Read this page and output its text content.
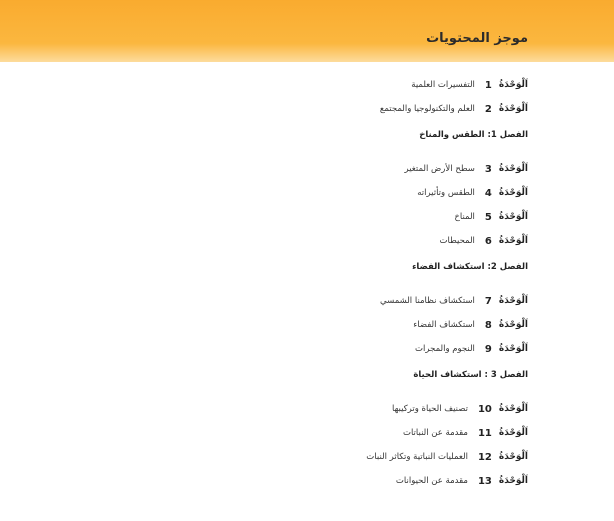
موجز المحتويات
اَلْوَحْدَةُ
1
التفسيرات العلمية
اَلْوَحْدَةُ
2
العلم والتكنولوجيا والمجتمع
الفصل 1: الطقس والمناخ
اَلْوَحْدَةُ
3
سطح الأرض المتغير
اَلْوَحْدَةُ
4
الطقس وتأثيراته
اَلْوَحْدَةُ
5
المناخ
اَلْوَحْدَةُ
6
المحيطات
الفصل 2: استكشاف الفضاء
اَلْوَحْدَةُ
7
استكشاف نظامنا الشمسي
اَلْوَحْدَةُ
8
استكشاف الفضاء
اَلْوَحْدَةُ
9
النجوم والمجرات
الفصل 3 : استكشاف الحياة
اَلْوَحْدَةُ
10
تصنيف الحياة وتركيبها
اَلْوَحْدَةُ
11
مقدمة عن النباتات
اَلْوَحْدَةُ
12
العمليات النباتية وتكاثر النبات
اَلْوَحْدَةُ
13
مقدمة عن الحيوانات
